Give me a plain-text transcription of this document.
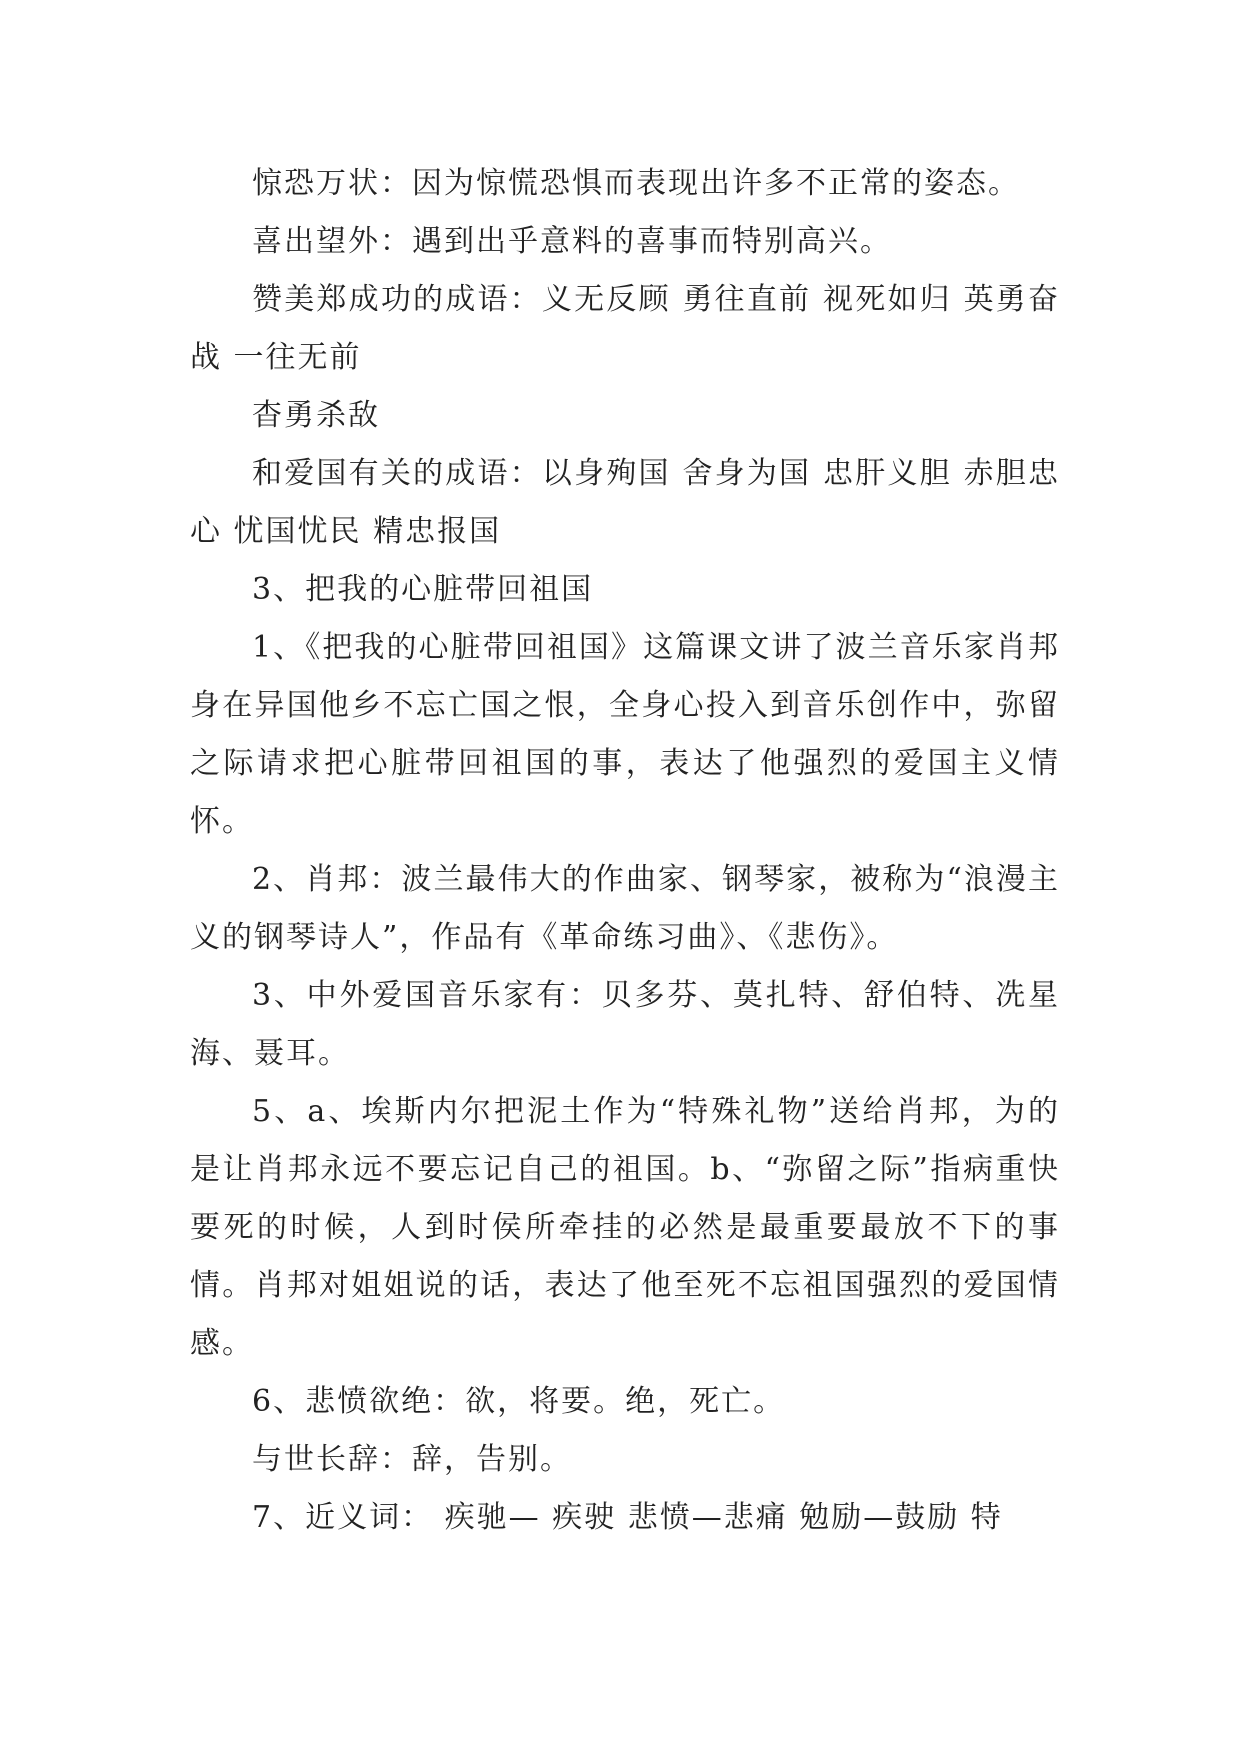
惊恐万状：因为惊慌恐惧而表现出许多不正常的姿态。

喜出望外：遇到出乎意料的喜事而特别高兴。

赞美郑成功的成语：义无反顾 勇往直前 视死如归 英勇奋战 一往无前

杳勇杀敌

和爱国有关的成语：以身殉国 舍身为国 忠肝义胆 赤胆忠心 忧国忧民 精忠报国

3、把我的心脏带回祖国

1、《把我的心脏带回祖国》这篇课文讲了波兰音乐家肖邦身在异国他乡不忘亡国之恨，全身心投入到音乐创作中，弥留之际请求把心脏带回祖国的事，表达了他强烈的爱国主义情怀。

2、肖邦：波兰最伟大的作曲家、钢琴家，被称为“浪漫主义的钢琴诗人”，作品有《革命练习曲》、《悲伤》。

3、中外爱国音乐家有：贝多芬、莫扎特、舒伯特、冼星海、聂耳。

5、a、埃斯内尔把泥土作为“特殊礼物”送给肖邦，为的是让肖邦永远不要忘记自己的祖国。b、“弥留之际”指病重快要死的时候，人到时侯所牵挂的必然是最重要最放不下的事情。肖邦对姐姐说的话，表达了他至死不忘祖国强烈的爱国情感。

6、悲愤欲绝：欲，将要。绝，死亡。

与世长辞：辞，告别。

7、近义词： 疾驰— 疾驶 悲愤—悲痛 勉励—鼓励 特
